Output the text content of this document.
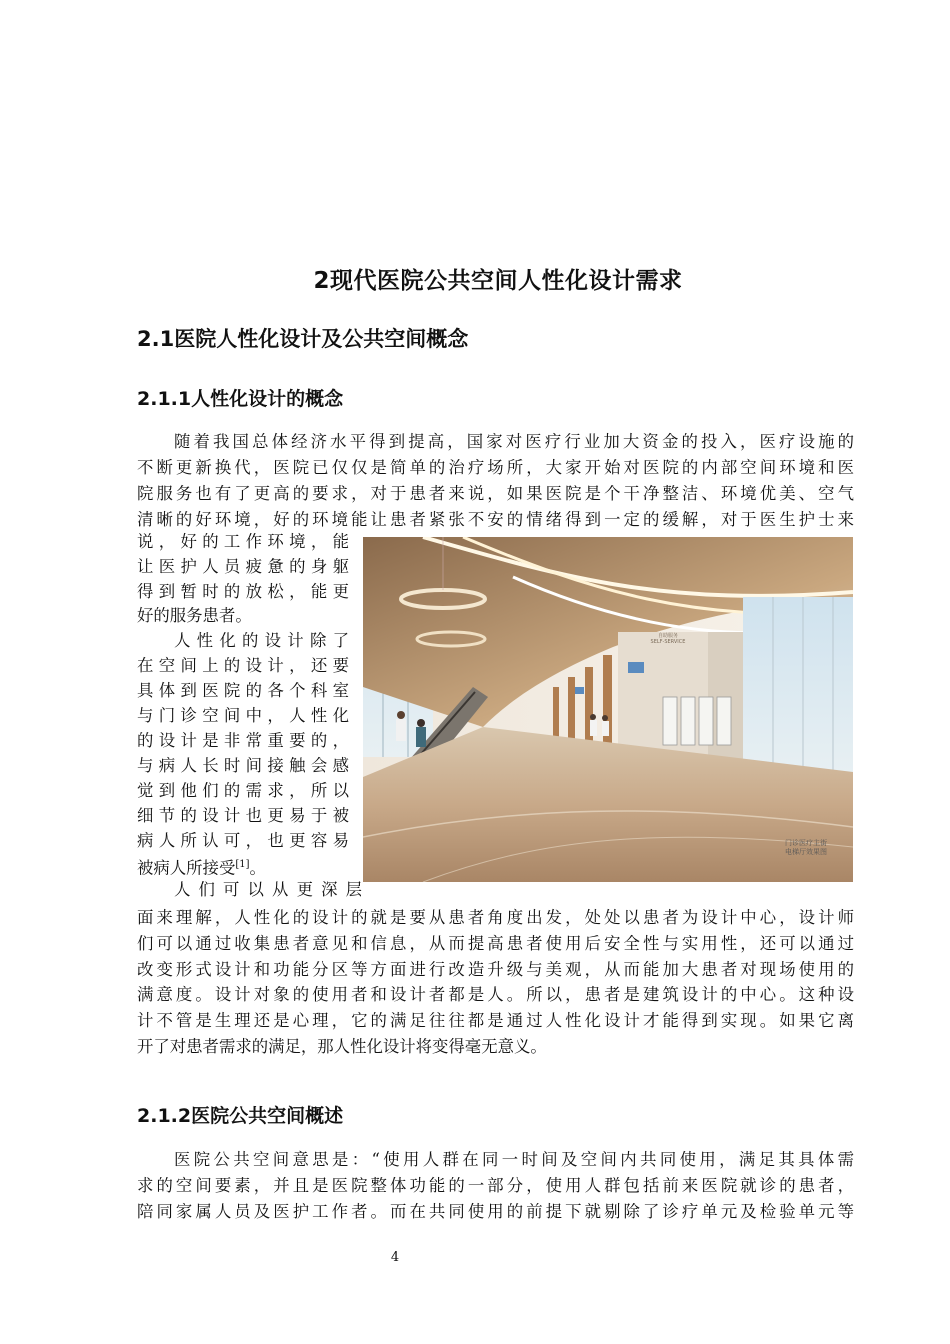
2现代医院公共空间人性化设计需求
2.1医院人性化设计及公共空间概念
2.1.1人性化设计的概念
随着我国总体经济水平得到提高，国家对医疗行业加大资金的投入，医疗设施的
不断更新换代，医院已仅仅是简单的治疗场所，大家开始对医院的内部空间环境和医
院服务也有了更高的要求，对于患者来说，如果医院是个干净整洁、环境优美、空气
清晰的好环境，好的环境能让患者紧张不安的情绪得到一定的缓解，对于医生护士来
说，好的工作环境，能
让医护人员疲惫的身躯
得到暂时的放松，能更
好的服务患者。
人性化的设计除了
在空间上的设计，还要
具体到医院的各个科室
与门诊空间中，人性化
的设计是非常重要的，
与病人长时间接触会感
觉到他们的需求，所以
细节的设计也更易于被
病人所认可，也更容易
被病人所接受[1]。
人们可以从更深层
面来理解，人性化的设计的就是要从患者角度出发，处处以患者为设计中心，设计师
们可以通过收集患者意见和信息，从而提高患者使用后安全性与实用性，还可以通过
改变形式设计和功能分区等方面进行改造升级与美观，从而能加大患者对现场使用的
满意度。设计对象的使用者和设计者都是人。所以，患者是建筑设计的中心。这种设
计不管是生理还是心理，它的满足往往都是通过人性化设计才能得到实现。如果它离
开了对患者需求的满足，那人性化设计将变得毫无意义。
2.1.2医院公共空间概述
医院公共空间意思是：“使用人群在同一时间及空间内共同使用，满足其具体需
求的空间要素，并且是医院整体功能的一部分，使用人群包括前来医院就诊的患者，
陪同家属人员及医护工作者。而在共同使用的前提下就剔除了诊疗单元及检验单元等
4
自助服务
SELF-SERVICE
门诊医疗主街
电梯厅效果图
